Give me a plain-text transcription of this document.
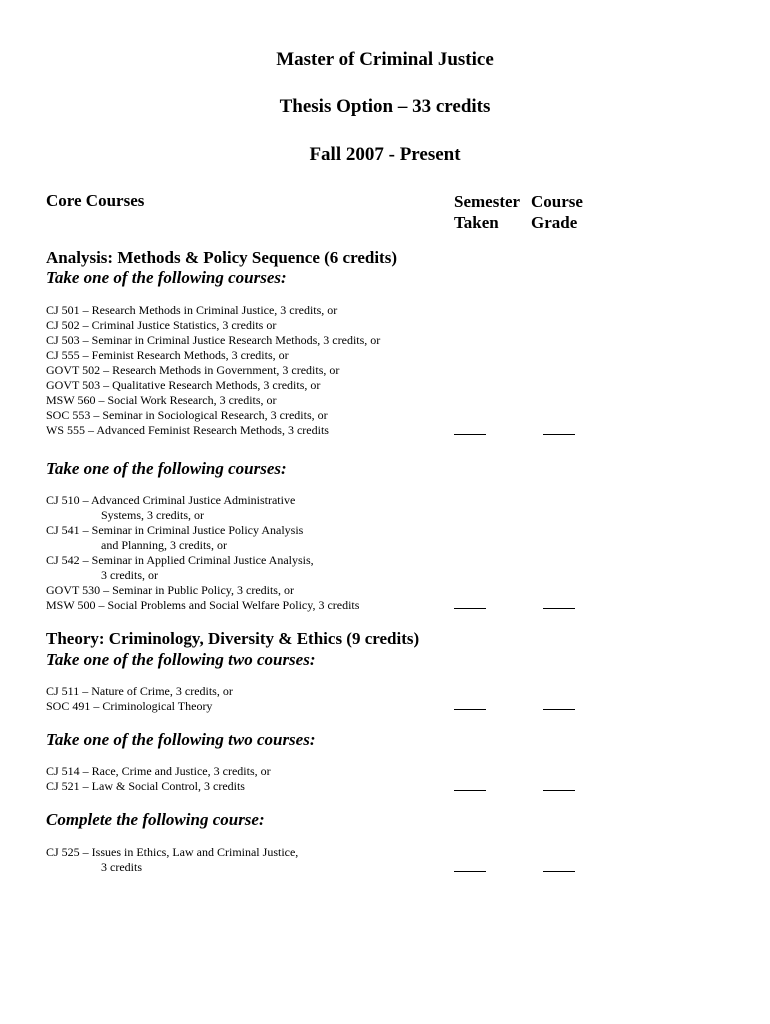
Master of Criminal Justice
Thesis Option – 33 credits
Fall 2007 - Present
Core Courses	Semester
Taken
Course
Grade
Analysis: Methods & Policy Sequence (6 credits)
Take one of the following courses:

CJ 501 – Research Methods in Criminal Justice, 3 credits, or

CJ 502 – Criminal Justice Statistics, 3 credits or

CJ 503 – Seminar in Criminal Justice Research Methods, 3 credits, or

CJ 555 – Feminist Research Methods, 3 credits, or

GOVT 502 – Research Methods in Government, 3 credits, or

GOVT 503 – Qualitative Research Methods, 3 credits, or

MSW 560 – Social Work Research, 3 credits, or

SOC 553 – Seminar in Sociological Research, 3 credits, or

WS 555 – Advanced Feminist Research Methods, 3 credits

Take one of the following courses:

CJ 510 – Advanced Criminal Justice Administrative

Systems, 3 credits, or

CJ 541 – Seminar in Criminal Justice Policy Analysis

and Planning, 3 credits, or

CJ 542 – Seminar in Applied Criminal Justice Analysis,

3 credits, or

GOVT 530 – Seminar in Public Policy, 3 credits, or

MSW 500 – Social Problems and Social Welfare Policy, 3 credits

Theory: Criminology, Diversity & Ethics (9 credits)
Take one of the following two courses:

CJ 511 – Nature of Crime, 3 credits, or

SOC 491 – Criminological Theory

Take one of the following two courses:

CJ 514 – Race, Crime and Justice, 3 credits, or

CJ 521 – Law & Social Control, 3 credits

Complete the following course:

CJ 525 – Issues in Ethics, Law and Criminal Justice,

3 credits
